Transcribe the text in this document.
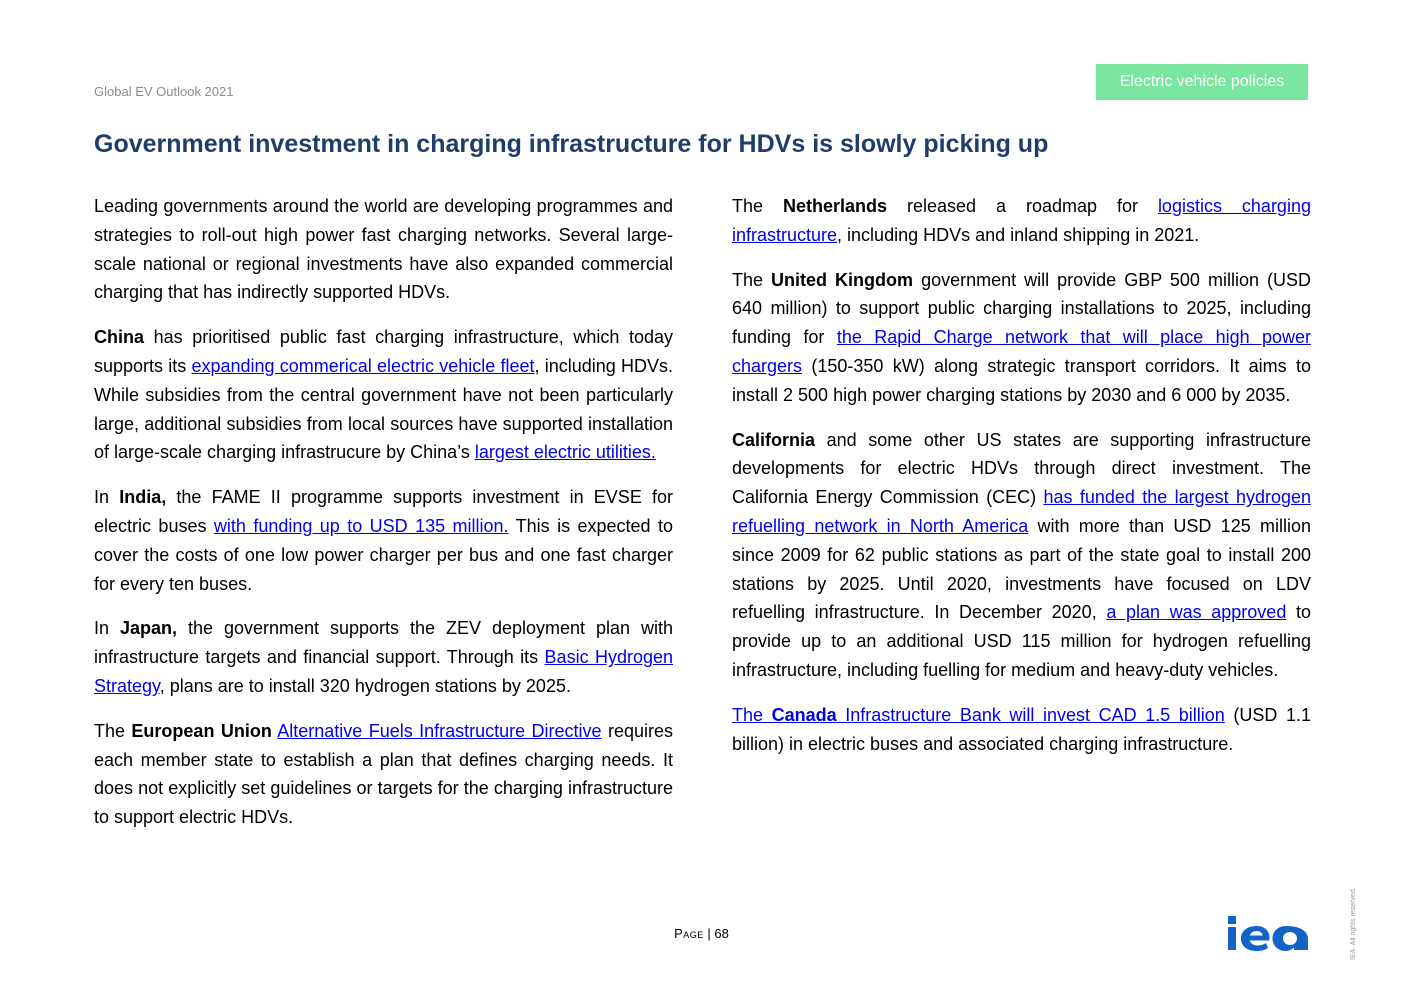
Global EV Outlook 2021
Electric vehicle policies
Government investment in charging infrastructure for HDVs is slowly picking up

Leading governments around the world are developing programmes and strategies to roll-out high power fast charging networks. Several large-scale national or regional investments have also expanded commercial charging that has indirectly supported HDVs.

China has prioritised public fast charging infrastructure, which today supports its expanding commerical electric vehicle fleet, including HDVs. While subsidies from the central government have not been particularly large, additional subsidies from local sources have supported installation of large-scale charging infrastrucure by China’s largest electric utilities.

In India, the FAME II programme supports investment in EVSE for electric buses with funding up to USD 135 million. This is expected to cover the costs of one low power charger per bus and one fast charger for every ten buses.

In Japan, the government supports the ZEV deployment plan with infrastructure targets and financial support. Through its Basic Hydrogen Strategy, plans are to install 320 hydrogen stations by 2025.

The European Union Alternative Fuels Infrastructure Directive requires each member state to establish a plan that defines charging needs. It does not explicitly set guidelines or targets for the charging infrastructure to support electric HDVs.

The Netherlands released a roadmap for logistics charging infrastructure, including HDVs and inland shipping in 2021.

The United Kingdom government will provide GBP 500 million (USD 640 million) to support public charging installations to 2025, including funding for the Rapid Charge network that will place high power chargers (150-350 kW) along strategic transport corridors. It aims to install 2 500 high power charging stations by 2030 and 6 000 by 2035.

California and some other US states are supporting infrastructure developments for electric HDVs through direct investment. The California Energy Commission (CEC) has funded the largest hydrogen refuelling network in North America with more than USD 125 million since 2009 for 62 public stations as part of the state goal to install 200 stations by 2025. Until 2020, investments have focused on LDV refuelling infrastructure. In December 2020, a plan was approved to provide up to an additional USD 115 million for hydrogen refuelling infrastructure, including fuelling for medium and heavy-duty vehicles.

The Canada Infrastructure Bank will invest CAD 1.5 billion (USD 1.1 billion) in electric buses and associated charging infrastructure.

Page | 68	IEA. All rights reserved.
